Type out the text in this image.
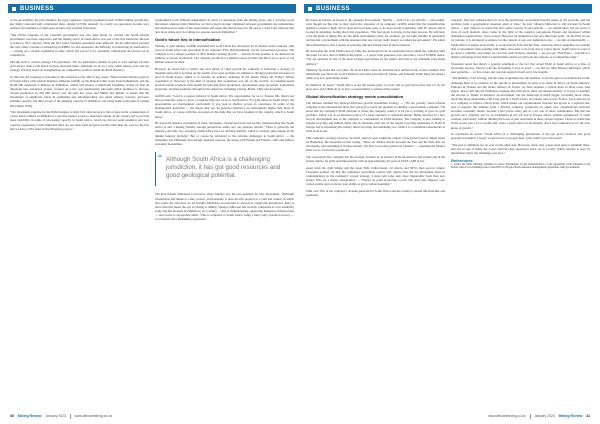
BUSINESS

of the government, the policymakers, the legal regulators, and the population itself. Within mining specifically, key highly educated staff complained there, during COVID, remotely in a sadly our operations became very isolated, and members of employees became very isolated from these.

"The official response of the Canadian government was also quite brutal. In contrast, the South African government was more supportive and the mining sector in South Africa was one of the first industries allowed to return to 50% capacity, while the first world countries operations were different. On the other hand, because the state offers a means of transacting in RMBs, we did experience the difficulty of transacting in South Africa — relying on a current acquisition locality, which has proved to be extremely complicated and drawn out in comparison.

Moving back to current strategy, Fan explained: "We are particularly bullish on gold as well, perhaps because gold always been a safe haven in these uncertain times. Although we are in a very robust upside cycle and our strategy is firmly based on strengthening our competitive position within the PGM industry."

To this end, the company is investing in the extension of the 10m of key assets. These include Sibanye projects in South Africa with African Rainbow Minerals (ARM) on the Bokoni Limit in the Eastern Bushveld, and the North Hill extension at Mimosa in Zimbabwe, which will involve a significant feasibility, in this we first an important new expansion project, focused on a low cost mechanised, sub-seam which promises to increase current production by 200 000 ounces over the next few years, and Müller Dry Rabbit, to ensure that the investment of significant funds in optimising and debottlenecking two metal refinery capacity, increases smelting capacity and third access of the smelting capacity in Zimbabwe was being made at the time of writing (November 2020).

"Our investment pipeline for the PGM business is fairly full. One last step is that of tests in the consideration of a base metal refinery in Zimbabwe to provide greater access to renewable energy in the country and to provide more flexibility in terms of processing capacity in South Africa. Given we did not seem extensive and new capacity expansions, I don't think that there are any short term prospects locally other than oil, save for the fact that we have a 50% stake in the Waterberg project."

requirements from different stakeholders in terms of operations from the mining sector and a growing social discontent, whereas mini Zimbabwe we find a much stronger alignment between government, the communities and employees in terms of the expectations and respectful interlocutors for the sector. I don't Ionic believes that new more stable and a lot simpler to operate assets in Zimbabwe."

Gold's future lies in intensification

Turning to gold mining, Grifffin explained that Gold Fields has developed an an intense trend company with roots in South Africa and operations in six countries: ESG (Environmental, Social, Governance) produce. The company is in a unique position of 28% industry leading growth — already in this position to be delivered in addition to current production. The company produced 2.2 million ounces in 2022 and this is set to grow to 2.8 million ounces by 2024.

However he noted that to deliver the next phase of value growth the company is following a strategy of intensification and is focusing on the quality of its asset portfolio. In addition to driving production extension of gold in South Africa, which is to become an industry challenge in the future. Hence the US$4.7 billion acquisition of Newcrest is the kind of strategy this acquisition was off on the world's, as Canadian-based precious metals producer with significant gold and silver production, development stage properties, exploration properties, and land positions throughout the Americas, including Canada, Brazil, Chile and Argentina.

Griffith said, "Gold is a serious industry in South Africa. The opportunities for us to: Sonoxe Mb, there's not more productive assets to grow a company like ours on in or South Africa. For gold mines in South Africa, the opportunities are international, particularly if you look at shallow access on operations. In terms of the underground operations — the depots that we can generate efficiency are substantially higher than those in South Africa, of course with the exception of the mine that we have retained in the country, which is South Deep."

He noted the massive investment of fuels, mortgages, chrome and even rare facility, demonstrating that South Africa is still a mining friendly enough jurisdiction where one can generate returns. "There is generally the judiciary and still very operating South Africa has low and that stability, which is actually quite unique in the mining industry globally." But of course he subjoined to the extreme challenges in South Africa — the antiquities and ultimately increasingly depleted reserves, the issues with Eskom and Eskom, crime and endless economic inequalities.

“ Although South Africa is a challenging jurisdiction, it has got good resources and good geological potential.

The Don Eskom Zimbabwe is however where Mueller saw the best potential for new investment. "Although investments and thinks to value, protect, environments, it does involve projects to a cash and control of which that comes the said flow we all brought Zimbabwe in particular is viewed as a high-risk jurisdiction, there is more than that meets the eye according to Müller. Sibanye-Stillwater has recently completed its own feasibility study and has invested in Zimbabwe, in a country — that is manufacturing, supporting industries, infrastructure — and access to appropriate skills. "This is compared to South Africa, being a fairly early operation society — we probably have Rethinking operations."

40 Mining Review January 2023	www.africanmining.co.za
BUSINESS

He noted an advance in favour to the company involvement. "Quality — both of its cost and life — and pushed, even though we like that as they stayed the valuation of its company. Griffith added that the intensification applied to ensure a high, and in open-gold proceeds prior to its most recent acquisition, with 85 ounces and is located in Argentina, noting that in his experience, "The best grade is always in the most process. He will have to be the kinds of things that are but mine environment Chile, for example, get the right stability in generative and beyond a government with the assurance that one can get really money we otherwise encounters". He added that partnerships is also a means of reducing risk and driving sales of those interests.

He noted that the Gold Fields asset in Chile has developed from an exploration find within the company until the point it is now able of 400m in the region — a project that generates at its outcome a cost of US$950 ounce. "We are currently in one of the most stranger gold mines on the planet. And this is our dominant long-living delivery."

Similarly, he noted that over time, the Gold Fields assets in Australia have delivered one of new business first industrially past the front. Gold Fields has also been successful in Ghana, and although South Deep has taken a while, it is now generating returns.

In summary, he noted: "South Africa is not the easiest place to work, and so gold prices here that we do not grow now, and I think all of us have a responsibility to address these issues".

Global diversification strategy meets consolidation

The mission outlined the Sibanye-Stillwater growth investment strategy — "We are proudly South African company in the international field. Our vision is to reach our pipeline to building a green metals company." He noted that the company's PGM portfolio is where the company wants it to be but is working to grow its gold portfolio, which acts as an insurance policy of a large exposure to industrial metals. Being involved in a new recycle development also in the company to complement its PGM business. The company is also looking to expand recycling and lithium metal and its divisions with one of the largest recycling businesses in PGM in Europe and is expanding into battery metal recycling and remaining two, while it is a committed shareholder at ASX Gold Goals.

This company's strategy, however, he noted, must be seen within the context of the global trend of digital based on Humphery. He expanded on this saying, "There are distinct shocks between the East and the West that are developing, and something is in more happily. We have to become positive in wellness" — requiring the finance sheet for its a solid real operations.

The corporation The company has the strategic position as an investor in North America and partner and in the battery metals. Its sadly and impressively with an approximately 40 years of PGM a GBI in SA.

Apart from the right timing and the usual PMs, bidirectional, oil returns and NPVs then proven valued, Fareoman pointed out that the company's investment returns will, deliver that the the investment must be complementary to the company's current strategy, it must add value and, more importantly from then new before, ESG are a major consideration — "There's no point in hearing a tactic that don't help improve your carbon profile and accelerate your ability to get to carbon neutrality."

With over 30% of the company's revenue generated in South Africa and the country's current infrastructure and regulatory

concerns, The next consideration for us is the jurisdiction, investment-friendly nature of the portfolio, and the portfolio from a geographical situation point of view," he said. Sibanye-Stillwater is still invested in South Africa — and, "there is no doubt that have some concern in our portfolio — we remain there, but our point of view of each moment, share value in the light of the negative perceptions Eskom and depressed within challenged organisations." have created. However, he emphasised one very important point, "At the field we are lot journey, it is bicameral to explore for the consent of our own legislation pass — we talk of municipality — South Africa is unique in its ability to work with the East and the West. American listed companies are actually able to investment from working with China, and easier to be truly and of course future. South Africa is seen to go down a visibility road where we can trust with all those countries — let you say, TMI iliana — but this is a distinct advantage in the Native Lund Institute which we will look into and use as a competitive edge."

Froneman noted that there's a positive sentiment to the fact that actual PGM in South Africa at a time of increasing success. They've paid the Servemine to five in years — we did not limit Sibanye-Stillwater, which uses repatriate — to have years and concede again for itself every few months.

"The humility of the strategy and the value acquisition into the business, is not the quest to transform the world. Although there is no solution on the reform or investments we have now made in Africa on North America, Ethiopia in Finland and the nickel refinery in France, we have attained a critical mass in these areas. And expect, that is still like the Zimbabwe example that Neil given, there are unseen benefits. It is easy to quantify the success or failure in instances an investment, but the landscape is much bigger, providing more value, involving more relationship with a big jade in a North Africa, in Canada, and even in France. It has allowed us as a company to achieve critical mass, which means our organisational structure has grown to a regional one. And it supports the ultimate from a thriving company perspective in where new organisational structure becomes constantly dream, because I feel you're really just in a it's one of those commodities. But that the growth out I arguably just be an established in the US and in Europe allows another springboard of value creation, particularly without diluting the focus of past operations in these various regions. I have no doubt that in the recent past a lot is profits and create a good return on investment, and it has positioned us for the next phase of growth."

In conclusion he noted, "South Africa is a challenging jurisdiction. It has got good resources and good geological potential. Clearly, we know how to prosper here, I just wish it was a bit easier."

"The goal is definitely not an over on the other side. However, often once a deep level gold or platinum mine, and one in one of them, the Cape's African edge experience price out is a really viable solution to save its jurisdiction where the challenges you face."

References

1. Justin the Mine Melting available for more information on the Intensification of the agreement with Tanzanias Gold Fields: https://www.miningreview.com/2022/11/29/gold-fields-tanzania-management-agreement-with-government/

www.africanmining.co.za	January 2023 Mining Review 41
